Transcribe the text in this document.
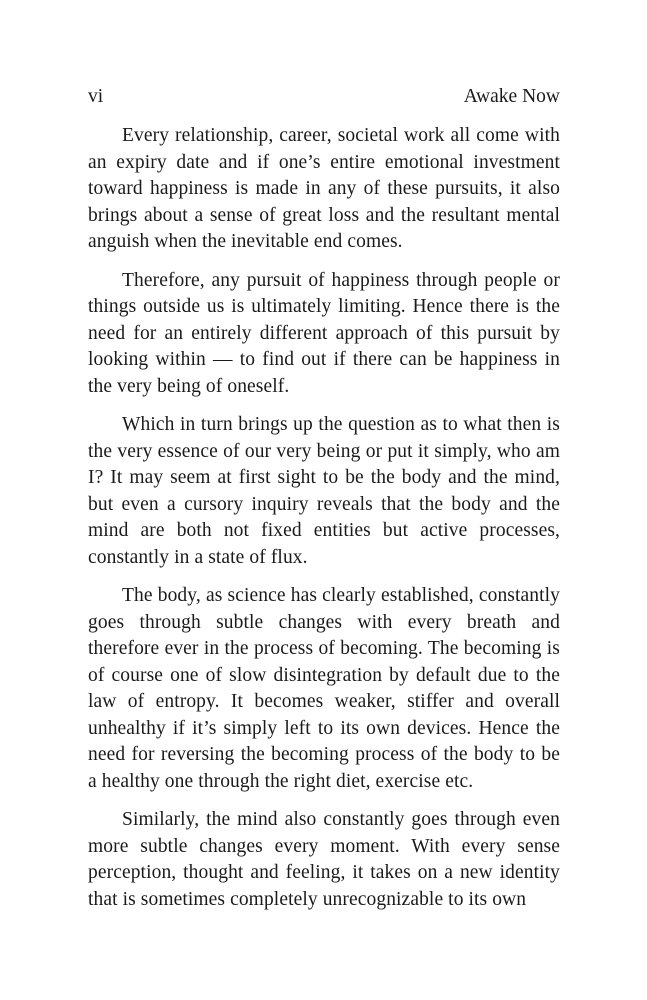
vi	Awake Now

Every relationship, career, societal work all come with an expiry date and if one’s entire emotional investment toward happiness is made in any of these pursuits, it also brings about a sense of great loss and the resultant mental anguish when the inevitable end comes.

Therefore, any pursuit of happiness through people or things outside us is ultimately limiting. Hence there is the need for an entirely different approach of this pursuit by looking within — to find out if there can be happiness in the very being of oneself.

Which in turn brings up the question as to what then is the very essence of our very being or put it simply, who am I? It may seem at first sight to be the body and the mind, but even a cursory inquiry reveals that the body and the mind are both not fixed entities but active processes, constantly in a state of flux.

The body, as science has clearly established, constantly goes through subtle changes with every breath and therefore ever in the process of becoming. The becoming is of course one of slow disintegration by default due to the law of entropy. It becomes weaker, stiffer and overall unhealthy if it’s simply left to its own devices. Hence the need for reversing the becoming process of the body to be a healthy one through the right diet, exercise etc.

Similarly, the mind also constantly goes through even more subtle changes every moment. With every sense perception, thought and feeling, it takes on a new identity that is sometimes completely unrecognizable to its own
